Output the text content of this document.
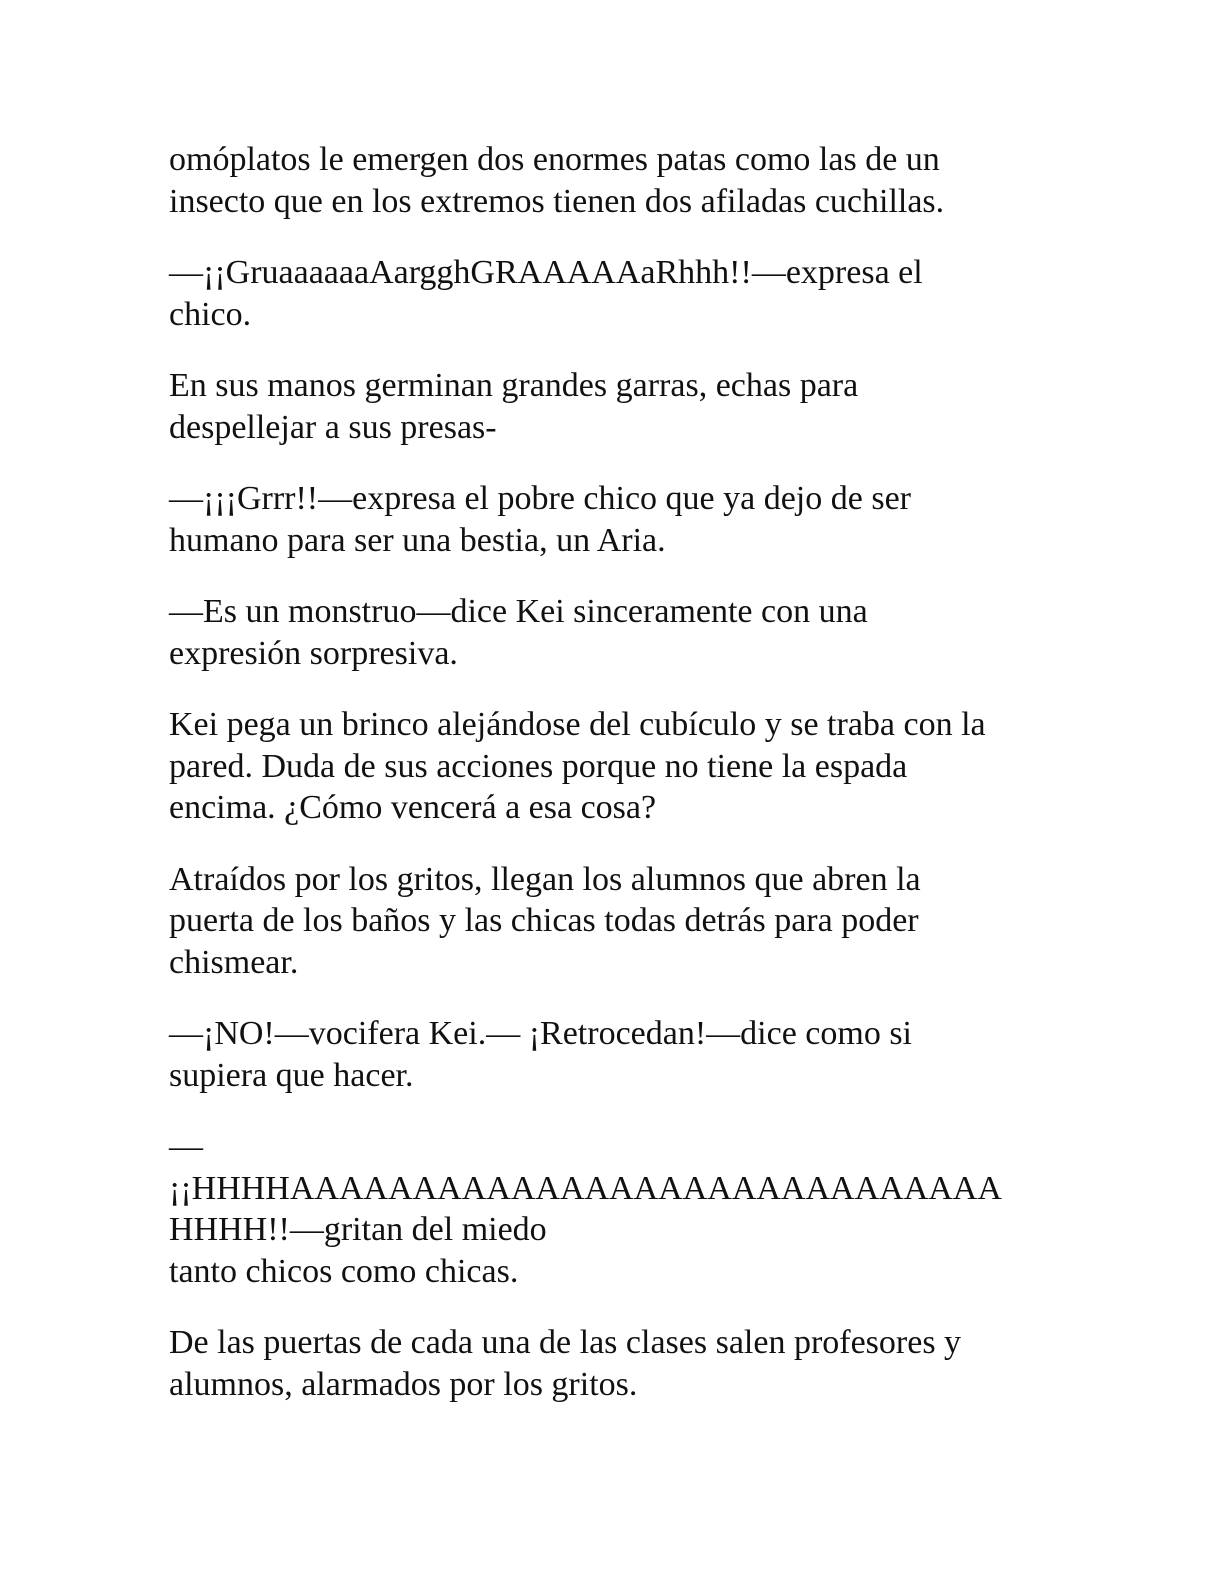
omóplatos le emergen dos enormes patas como las de un
insecto que en los extremos tienen dos afiladas cuchillas.

—¡¡GruaaaaaaAargghGRAAAAAaRhhh!!—expresa el
chico.

En sus manos germinan grandes garras, echas para
despellejar a sus presas-

—¡¡¡Grrr!!—expresa el pobre chico que ya dejo de ser
humano para ser una bestia, un Aria.

—Es un monstruo—dice Kei sinceramente con una
expresión sorpresiva.

Kei pega un brinco alejándose del cubículo y se traba con la
pared. Duda de sus acciones porque no tiene la espada
encima. ¿Cómo vencerá a esa cosa?

Atraídos por los gritos, llegan los alumnos que abren la
puerta de los baños y las chicas todas detrás para poder
chismear.

—¡NO!—vocifera Kei.— ¡Retrocedan!—dice como si
supiera que hacer.

—
¡¡HHHHAAAAAAAAAAAAAAAAAAAAAAAAAAAAA
HHHH!!—gritan del miedo
tanto chicos como chicas.

De las puertas de cada una de las clases salen profesores y
alumnos, alarmados por los gritos.
